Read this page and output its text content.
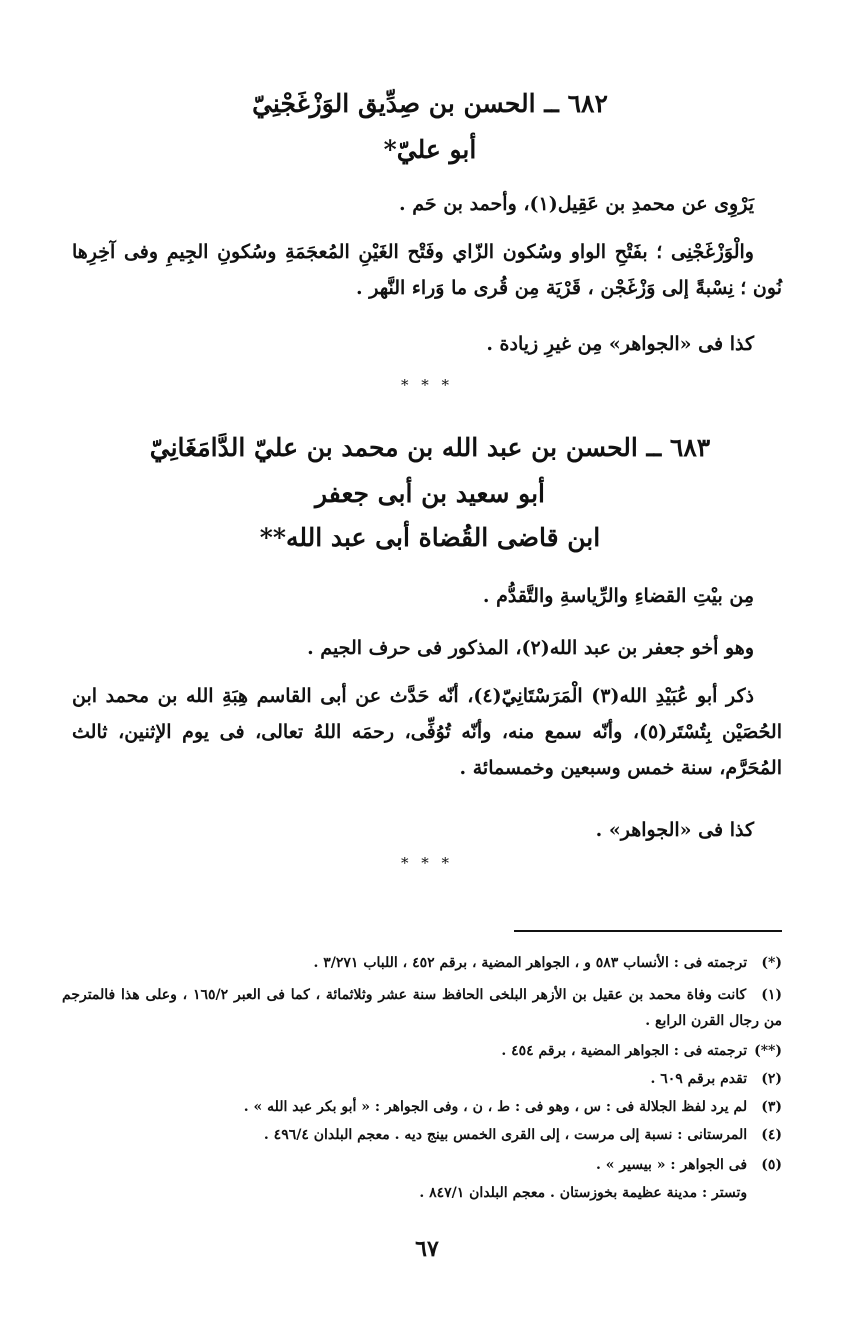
٦٨٢ ــ الحسن بن صِدِّيق الوَزْغَجْنِيّ
أبو عليّ*
يَرْوِى عن محمدِ بن عَقِيل(١)، وأحمد بن حَم .
والْوَزْغَجْنِى ؛ بفَتْحِ الواو وسُكون الزّاي وفَتْح الغَيْنِ المُعجَمَةِ وسُكونِ الجِيمِ وفى آخِرِها نُون ؛ نِسْبةً إلى وَزْغَجْن ، قَرْيَة مِن قُرى ما وَراء النَّهر .
كذا فى «الجواهر» مِن غيرِ زيادة .
* * *
٦٨٣ ــ الحسن بن عبد الله بن محمد بن عليّ الدَّامَغَانِيّ
أبو سعيد بن أبى جعفر
ابن قاضى القُضاة أبى عبد الله**
مِن بيْتِ القضاءِ والرِّياسةِ والتَّقدُّم .
وهو أخو جعفر بن عبد الله(٢)، المذكور فى حرف الجيم .
ذكر أبو عُبَيْدِ الله(٣) الْمَرَسْتَانِيّ(٤)، أنّه حَدَّث عن أبى القاسم هِبَةِ الله بن محمد ابن الحُصَيْن بِتُسْتَر(٥)، وأنّه سمع منه، وأنّه تُوُفِّى، رحمَه اللهُ تعالى، فى يوم الإثنين، ثالث المُحَرَّم، سنة خمس وسبعين وخمسمائة .
كذا فى «الجواهر» .
* * *
(*) ترجمته فى : الأنساب ٥٨٣ و ، الجواهر المضية ، برقم ٤٥٢ ، اللباب ٣/٢٧١ .
(١) كانت وفاة محمد بن عقيل بن الأزهر البلخى الحافظ سنة عشر وثلاثمائة ، كما فى العبر ١٦٥/٢ ، وعلى هذا فالمترجم من رجال القرن الرابع .
(**) ترجمته فى : الجواهر المضية ، برقم ٤٥٤ .
(٢) تقدم برقم ٦٠٩ .
(٣) لم يرد لفظ الجلالة فى : س ، وهو فى : ط ، ن ، وفى الجواهر : « أبو بكر عبد الله » .
(٤) المرستانى : نسبة إلى مرست ، إلى القرى الخمس بينج ديه . معجم البلدان ٤٩٦/٤ .
(٥) فى الجواهر : « بيسير » .
وتستر : مدينة عظيمة بخوزستان . معجم البلدان ٨٤٧/١ .
٦٧
